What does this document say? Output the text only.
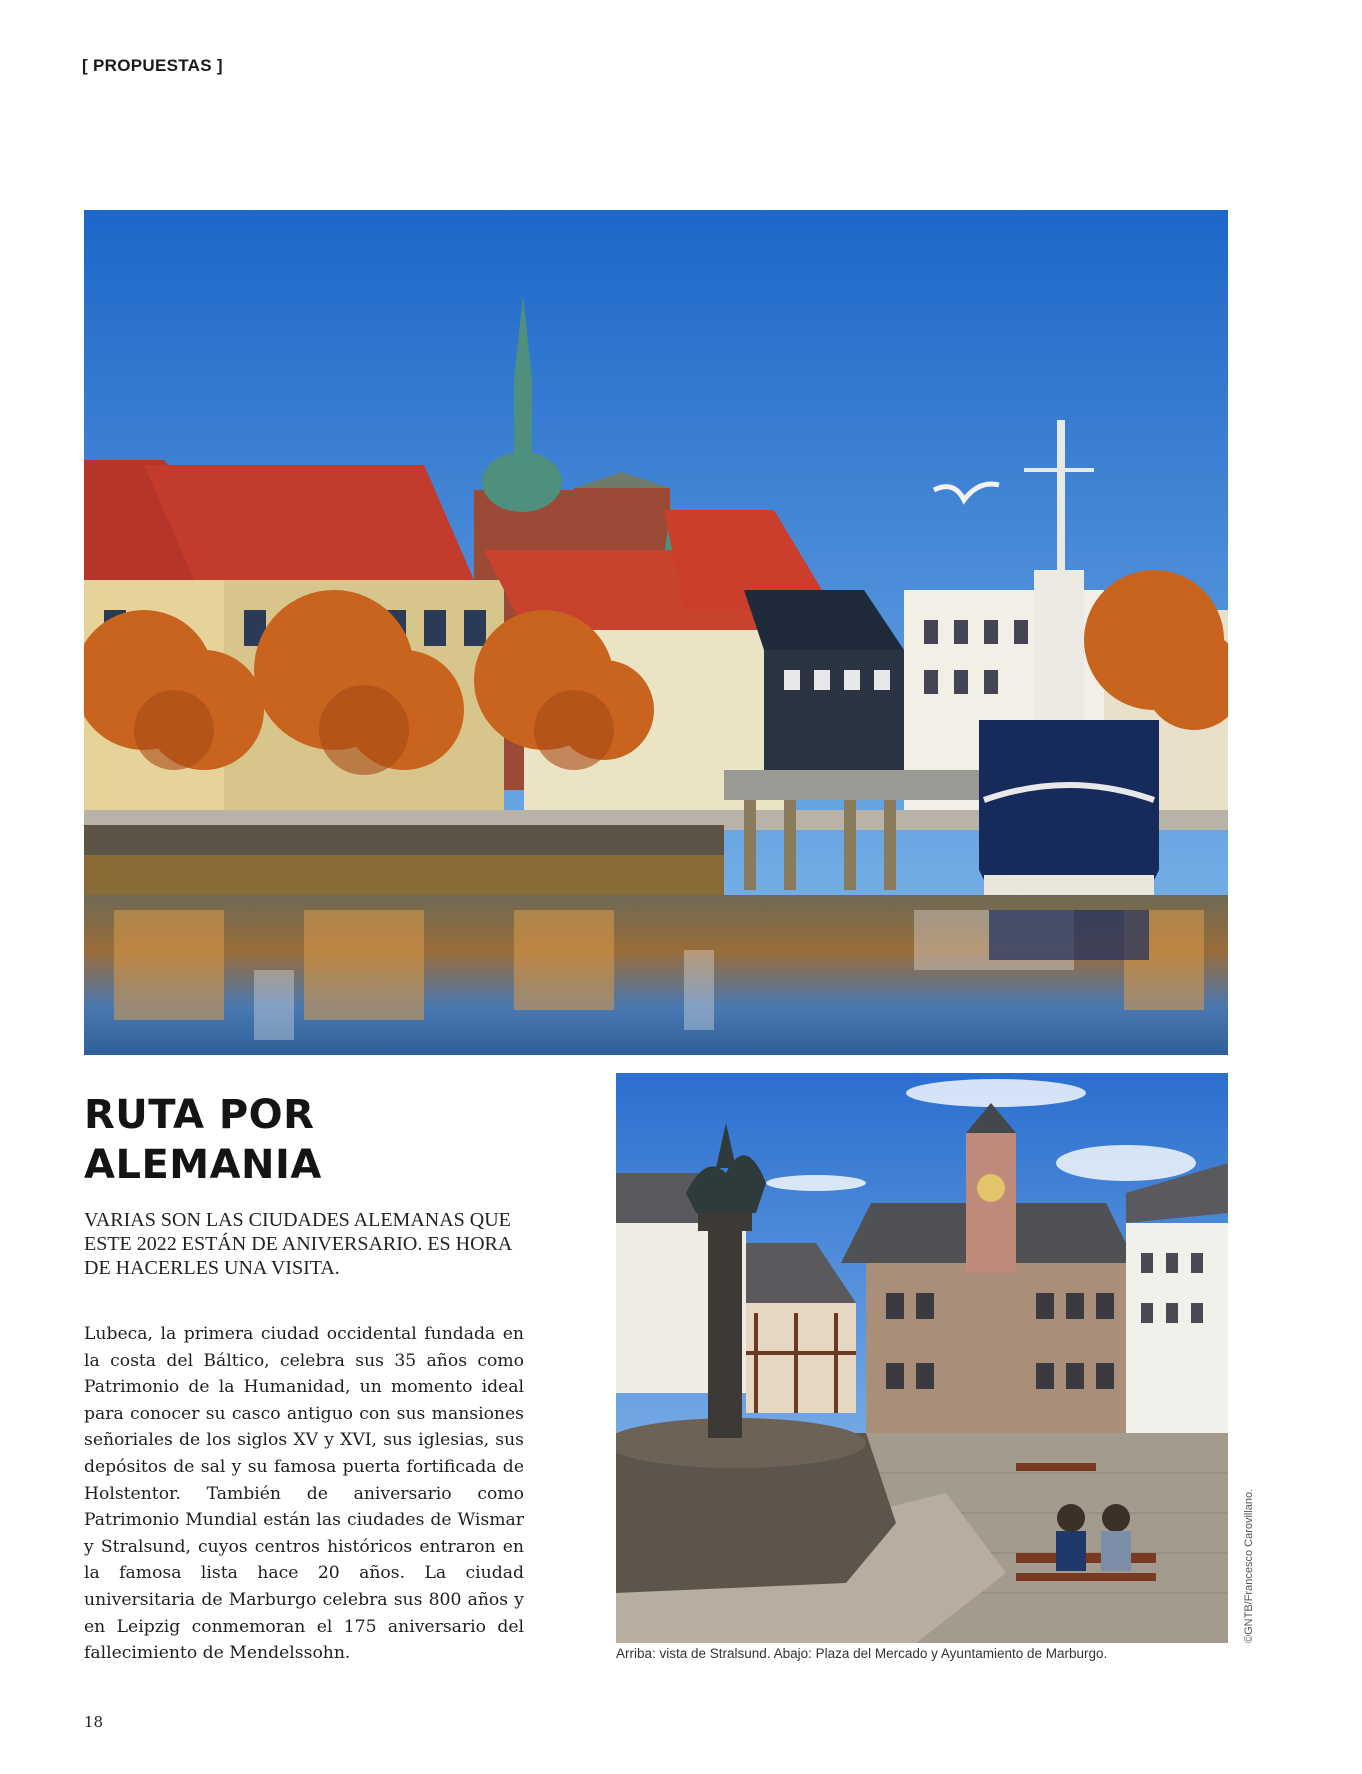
[ PROPUESTAS ]
RUTA POR
ALEMANIA

VARIAS SON LAS CIUDADES ALEMANAS QUE ESTE 2022 ESTÁN DE ANIVERSARIO. ES HORA DE HACERLES UNA VISITA.

Lubeca, la primera ciudad occidental fundada en la costa del Báltico, celebra sus 35 años como Patrimonio de la Humanidad, un momento ideal para conocer su casco antiguo con sus mansiones señoriales de los siglos XV y XVI, sus iglesias, sus depósitos de sal y su famosa puerta fortificada de Holstentor. También de aniversario como Patrimonio Mundial están las ciudades de Wismar y Stralsund, cuyos centros históricos entraron en la famosa lista hace 20 años. La ciudad universitaria de Marburgo celebra sus 800 años y en Leipzig conmemoran el 175 aniversario del fallecimiento de Mendelssohn.	Arriba: vista de Stralsund. Abajo: Plaza del Mercado y Ayuntamiento de Marburgo.

©GNTB/Francesco Carovillano.
18
